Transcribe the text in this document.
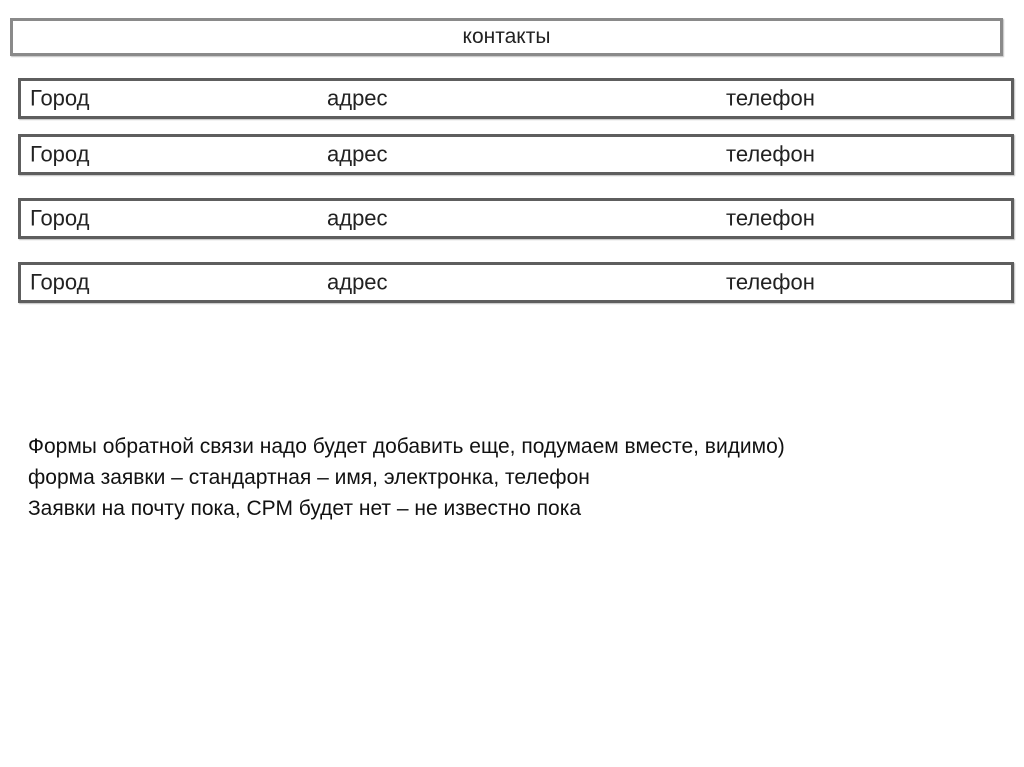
контакты
Город	адрес	телефон
Город	адрес	телефон
Город	адрес	телефон
Город	адрес	телефон
Формы обратной связи надо будет добавить еще, подумаем вместе, видимо)
форма заявки – стандартная – имя, электронка, телефон
Заявки на почту пока, СРМ будет нет – не известно пока
